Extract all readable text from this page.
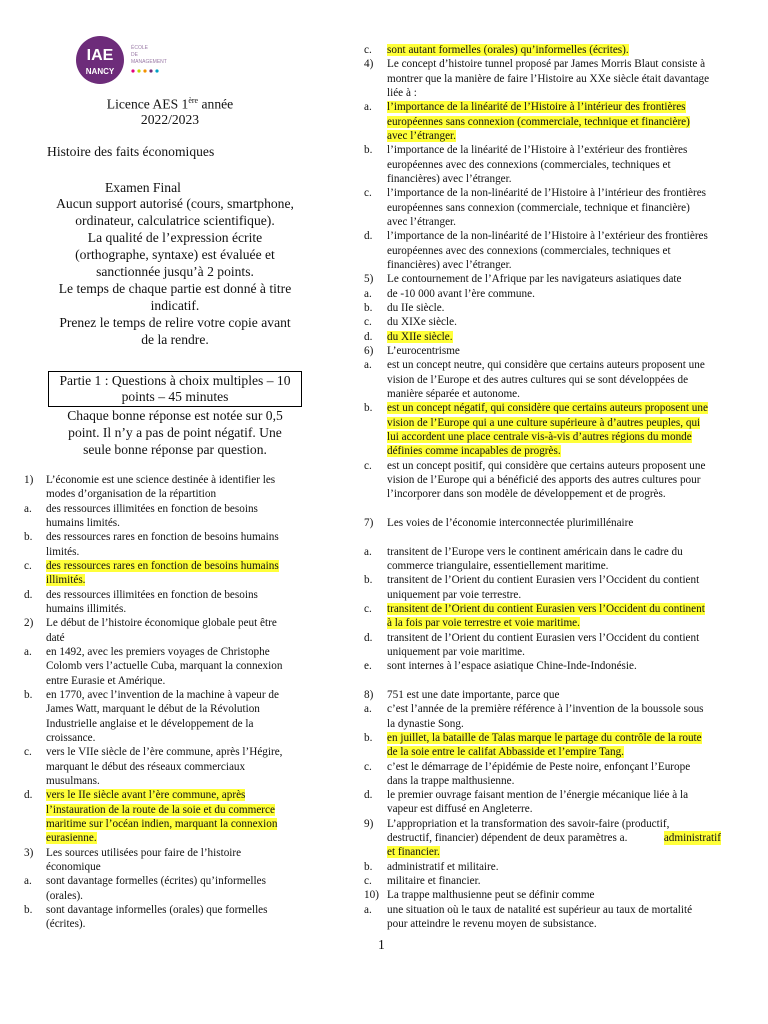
IAE
NANCY
ÉCOLE
DE
MANAGEMENT
Licence AES 1ère année
2022/2023
Histoire des faits économiques
Examen Final
Aucun support autorisé (cours, smartphone,
ordinateur, calculatrice scientifique).
La qualité de l’expression écrite
(orthographe, syntaxe) est évaluée et
sanctionnée jusqu’à 2 points.
Le temps de chaque partie est donné à titre
indicatif.
Prenez le temps de relire votre copie avant
de la rendre.
Partie 1 : Questions à choix multiples – 10
points – 45 minutes
Chaque bonne réponse est notée sur 0,5
point. Il n’y a pas de point négatif. Une
seule bonne réponse par question.
1) L’économie est une science destinée à identifier les
modes d’organisation de la répartition
a. des ressources illimitées en fonction de besoins
humains limités.
b. des ressources rares en fonction de besoins humains
limités.
c. des ressources rares en fonction de besoins humains
illimités.
d. des ressources illimitées en fonction de besoins
humains illimités.
2) Le début de l’histoire économique globale peut être
daté
a. en 1492, avec les premiers voyages de Christophe
Colomb vers l’actuelle Cuba, marquant la connexion
entre Eurasie et Amérique.
b. en 1770, avec l’invention de la machine à vapeur de
James Watt, marquant le début de la Révolution
Industrielle anglaise et le développement de la
croissance.
c. vers le VIIe siècle de l’ère commune, après l’Hégire,
marquant le début des réseaux commerciaux
musulmans.
d. vers le IIe siècle avant l’ère commune, après
l’instauration de la route de la soie et du commerce
maritime sur l’océan indien, marquant la connexion
eurasienne.
3) Les sources utilisées pour faire de l’histoire
économique
a. sont davantage formelles (écrites) qu’informelles
(orales).
b. sont davantage informelles (orales) que formelles
(écrites).
c. sont autant formelles (orales) qu’informelles (écrites).
4) Le concept d’histoire tunnel proposé par James Morris Blaut consiste à
montrer que la manière de faire l’Histoire au XXe siècle était davantage
liée à :
a. l’importance de la linéarité de l’Histoire à l’intérieur des frontières
européennes sans connexion (commerciale, technique et financière)
avec l’étranger.
b. l’importance de la linéarité de l’Histoire à l’extérieur des frontières
européennes avec des connexions (commerciales, techniques et
financières) avec l’étranger.
c. l’importance de la non-linéarité de l’Histoire à l’intérieur des frontières
européennes sans connexion (commerciale, technique et financière)
avec l’étranger.
d. l’importance de la non-linéarité de l’Histoire à l’extérieur des frontières
européennes avec des connexions (commerciales, techniques et
financières) avec l’étranger.
5) Le contournement de l’Afrique par les navigateurs asiatiques date
a. de -10 000 avant l’ère commune.
b. du IIe siècle.
c. du XIXe siècle.
d. du XIIe siècle.
6) L’eurocentrisme
a. est un concept neutre, qui considère que certains auteurs proposent une
vision de l’Europe et des autres cultures qui se sont développées de
manière séparée et autonome.
b. est un concept négatif, qui considère que certains auteurs proposent une
vision de l’Europe qui a une culture supérieure à d’autres peuples, qui
lui accordent une place centrale vis-à-vis d’autres régions du monde
définies comme incapables de progrès.
c. est un concept positif, qui considère que certains auteurs proposent une
vision de l’Europe qui a bénéficié des apports des autres cultures pour
l’incorporer dans son modèle de développement et de progrès.
7) Les voies de l’économie interconnectée plurimillénaire
a. transitent de l’Europe vers le continent américain dans le cadre du
commerce triangulaire, essentiellement maritime.
b. transitent de l’Orient du contient Eurasien vers l’Occident du contient
uniquement par voie terrestre.
c. transitent de l’Orient du contient Eurasien vers l’Occident du continent
à la fois par voie terrestre et voie maritime.
d. transitent de l’Orient du contient Eurasien vers l’Occident du contient
uniquement par voie maritime.
e. sont internes à l’espace asiatique Chine-Inde-Indonésie.
8) 751 est une date importante, parce que
a. c’est l’année de la première référence à l’invention de la boussole sous
la dynastie Song.
b. en juillet, la bataille de Talas marque le partage du contrôle de la route
de la soie entre le califat Abbasside et l’empire Tang.
c. c’est le démarrage de l’épidémie de Peste noire, enfonçant l’Europe
dans la trappe malthusienne.
d. le premier ouvrage faisant mention de l’énergie mécanique liée à la
vapeur est diffusé en Angleterre.
9) L’appropriation et la transformation des savoir-faire (productif,
administratif
destructif, financier) dépendent de deux paramètres a.
et financier.
b. administratif et militaire.
c. militaire et financier.
10) La trappe malthusienne peut se définir comme
a. une situation où le taux de natalité est supérieur au taux de mortalité
pour atteindre le revenu moyen de subsistance.
1
